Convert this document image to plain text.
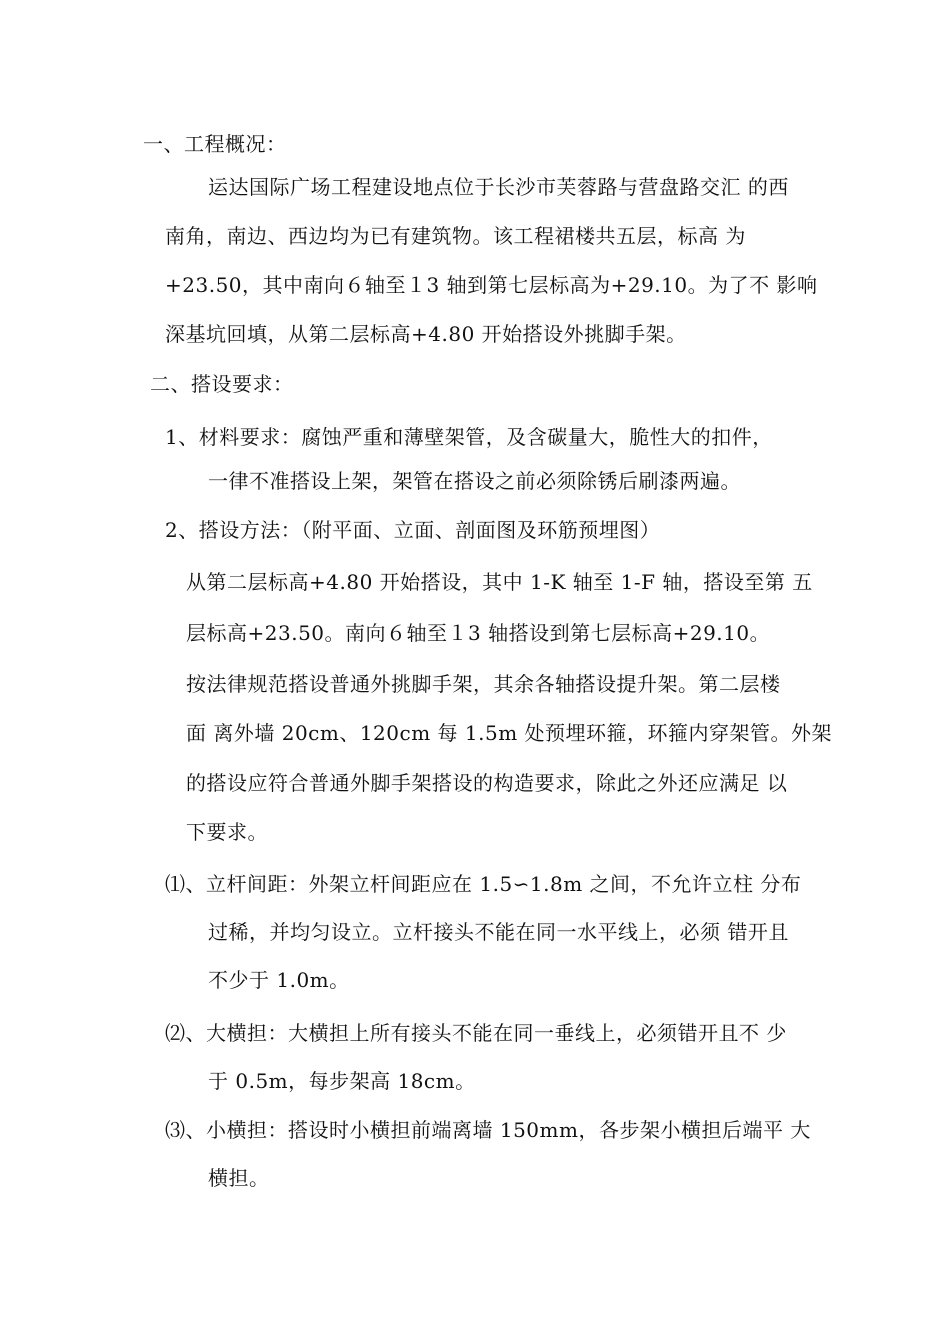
一、工程概况：
运达国际广场工程建设地点位于长沙市芙蓉路与营盘路交汇 的西
南角，南边、西边均为已有建筑物。该工程裙楼共五层，标高 为
+23.50，其中南向６轴至１3 轴到第七层标高为+29.10。为了不 影响
深基坑回填，从第二层标高+4.80 开始搭设外挑脚手架。
二、搭设要求：
1、材料要求：腐蚀严重和薄壁架管，及含碳量大，脆性大的扣件，
一律不准搭设上架，架管在搭设之前必须除锈后刷漆两遍。
2、搭设方法：（附平面、立面、剖面图及环筋预埋图）
从第二层标高+4.80 开始搭设，其中 1-K 轴至 1-F 轴，搭设至第 五
层标高+23.50。南向６轴至１3 轴搭设到第七层标高+29.10。
按法律规范搭设普通外挑脚手架，其余各轴搭设提升架。第二层楼
面 离外墙 20cm、120cm 每 1.5m 处预埋环箍，环箍内穿架管。外架
的搭设应符合普通外脚手架搭设的构造要求，除此之外还应满足 以
下要求。
⑴、立杆间距：外架立杆间距应在 1.5∽1.8m 之间，不允许立柱 分布
过稀，并均匀设立。立杆接头不能在同一水平线上，必须 错开且
不少于 1.0m。
⑵、大横担：大横担上所有接头不能在同一垂线上，必须错开且不 少
于 0.5m，每步架高 18cm。
⑶、小横担：搭设时小横担前端离墙 150mm，各步架小横担后端平 大
横担。
